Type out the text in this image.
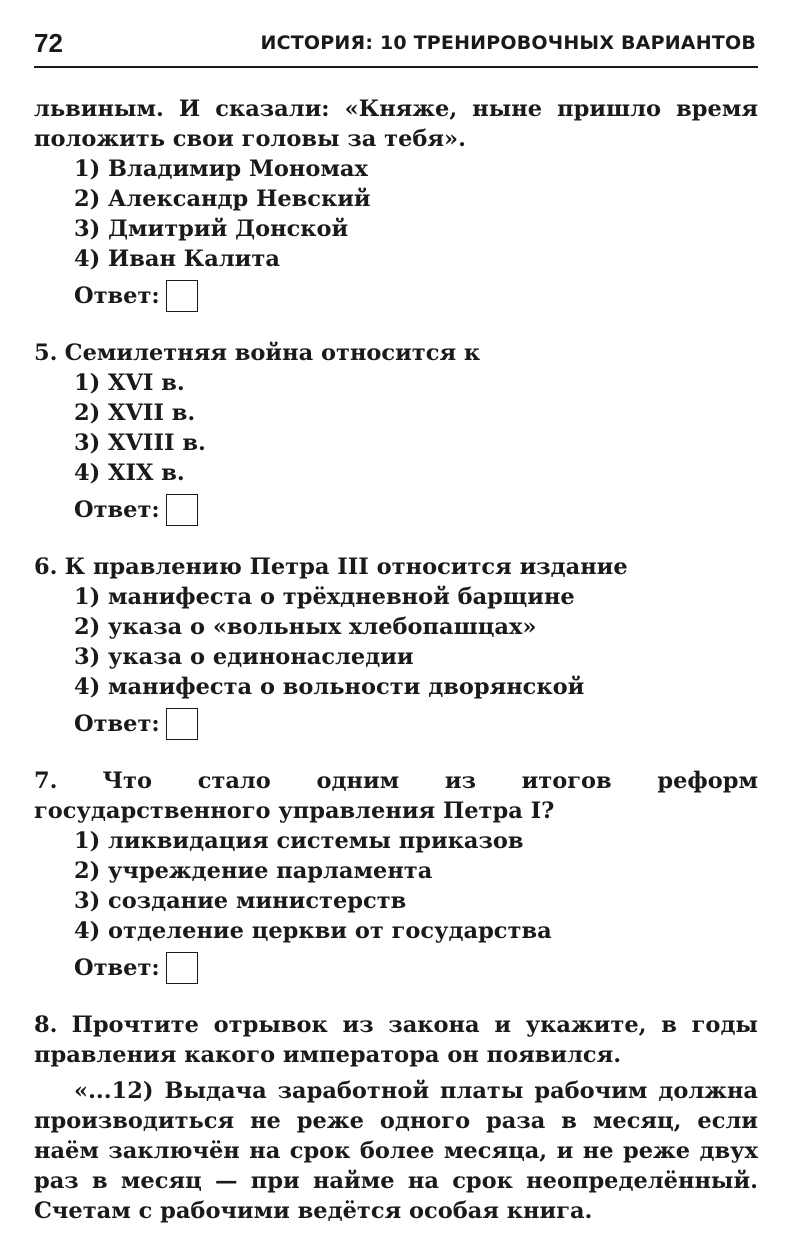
72	ИСТОРИЯ: 10 ТРЕНИРОВОЧНЫХ ВАРИАНТОВ

львиным. И сказали: «Княже, ныне пришло время положить свои головы за тебя».

1) Владимир Мономах
2) Александр Невский
3) Дмитрий Донской
4) Иван Калита
Ответ:

5. Семилетняя война относится к

1) XVI в.
2) XVII в.
3) XVIII в.
4) XIX в.
Ответ:

6. К правлению Петра III относится издание

1) манифеста о трёхдневной барщине
2) указа о «вольных хлебопашцах»
3) указа о единонаследии
4) манифеста о вольности дворянской
Ответ:

7. Что стало одним из итогов реформ государственного управления Петра I?

1) ликвидация системы приказов
2) учреждение парламента
3) создание министерств
4) отделение церкви от государства
Ответ:

8. Прочтите отрывок из закона и укажите, в годы правления какого императора он появился.

«...12) Выдача заработной платы рабочим должна производиться не реже одного раза в месяц, если наём заключён на срок более месяца, и не реже двух раз в месяц — при найме на срок неопределённый. Счетам с рабочими ведётся особая книга.
